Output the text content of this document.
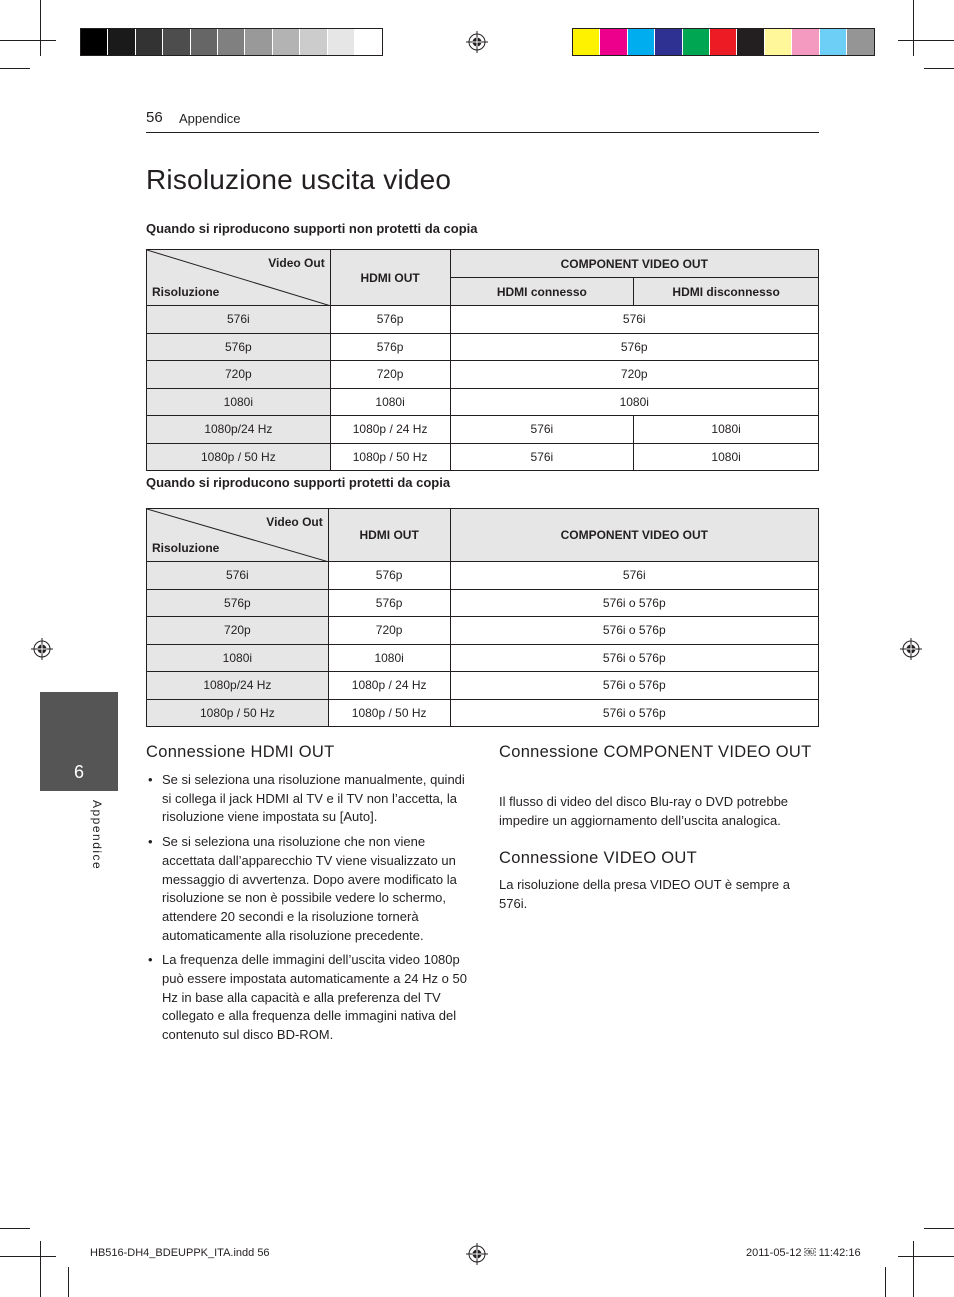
56 Appendice
Risoluzione uscita video
Quando si riproducono supporti non protetti da copia
Video Out
Risoluzione	HDMI OUT	COMPONENT VIDEO OUT	
		HDMI connesso	HDMI disconnesso
576i	576p	576i	
576p	576p	576p	
720p	720p	720p	
1080i	1080i	1080i	
1080p/24 Hz	1080p / 24 Hz	576i	1080i
1080p / 50 Hz	1080p / 50 Hz	576i	1080i
Quando si riproducono supporti protetti da copia
Video Out
Risoluzione	HDMI OUT	COMPONENT VIDEO OUT
576i	576p	576i
576p	576p	576i o 576p
720p	720p	576i o 576p
1080i	1080i	576i o 576p
1080p/24 Hz	1080p / 24 Hz	576i o 576p
1080p / 50 Hz	1080p / 50 Hz	576i o 576p
6
Appendice
Connessione HDMI OUT
• Se si seleziona una risoluzione manualmente, quindi si collega il jack HDMI al TV e il TV non l’accetta, la risoluzione viene impostata su [Auto].
• Se si seleziona una risoluzione che non viene accettata dall’apparecchio TV viene visualizzato un messaggio di avvertenza. Dopo avere modificato la risoluzione se non è possibile vedere lo schermo, attendere 20 secondi e la risoluzione tornerà automaticamente alla risoluzione precedente.
• La frequenza delle immagini dell’uscita video 1080p può essere impostata automaticamente a 24 Hz o 50 Hz in base alla capacità e alla preferenza del TV collegato e alla frequenza delle immagini nativa del contenuto sul disco BD-ROM.
Connessione COMPONENT VIDEO OUT
Il flusso di video del disco Blu-ray o DVD potrebbe impedire un aggiornamento dell’uscita analogica.
Connessione VIDEO OUT
La risoluzione della presa VIDEO OUT è sempre a 576i.
HB516-DH4_BDEUPPK_ITA.indd 56	2011-05-12 ￼ 11:42:16
